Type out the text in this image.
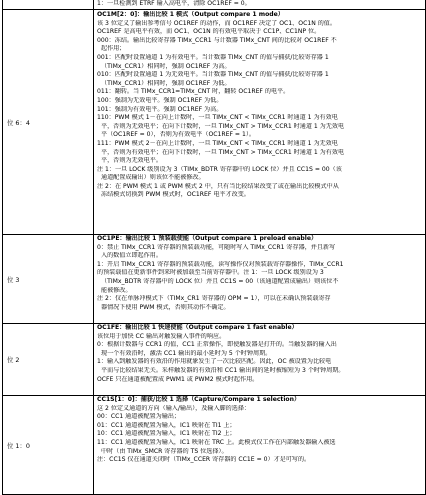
1：一旦检测到 ETRF 输入高电平，清除 OC1REF = 0。
位 6：4
OC1M[2：0]：输出比较 1 模式（Output compare 1 mode）
该 3 位定义了输出参考信号 OC1REF 的动作，而 OC1REF 决定了 OC1、OC1N 的值。
OC1REF 是高电平有效，而 OC1、OC1N 的有效电平取决于 CC1P、CC1NP 位。
000：冻结。输出比较寄存器 TIMx_CCR1 与计数器 TIMx_CNT 间的比较对 OC1REF 不
起作用；
001：匹配时设置通道 1 为有效电平。当计数器 TIMx_CNT 的值与捕获/比较寄存器 1
（TIMx_CCR1）相同时，强制 OC1REF 为高。
010：匹配时设置通道 1 为无效电平。当计数器 TIMx_CNT 的值与捕获/比较寄存器 1
（TIMx_CCR1）相同时，强制 OC1REF 为低。
011：翻转。当 TIMx_CCR1=TIMx_CNT 时，翻转 OC1REF 的电平。
100：强制为无效电平。强制 OC1REF 为低。
101：强制为有效电平。强制 OC1REF 为高。
110：PWM 模式 1－在向上计数时，一旦 TIMx_CNT < TIMx_CCR1 时通道 1 为有效电
平，否则为无效电平；在向下计数时，一旦 TIMx_CNT > TIMx_CCR1 时通道 1 为无效电
平（OC1REF = 0），否则为有效电平（OC1REF = 1）。
111：PWM 模式 2－在向上计数时，一旦 TIMx_CNT < TIMx_CCR1 时通道 1 为无效电
平，否则为有效电平；在向下计数时，一旦 TIMx_CNT > TIMx_CCR1 时通道 1 为有效电
平，否则为无效电平。
注 1：一旦 LOCK 级别设为 3（TIMx_BDTR 寄存器中的 LOCK 位）并且 CC1S = 00（该
通道配置成输出）则该位不能被修改。
注 2：在 PWM 模式 1 或 PWM 模式 2 中，只有当比较结果改变了或在输出比较模式中从
冻结模式切换到 PWM 模式时，OC1REF 电平才改变。
位 3
OC1PE：输出比较 1 预装载使能（Output compare 1 preload enable）
0：禁止 TIMx_CCR1 寄存器的预装载功能，可随时写入 TIMx_CCR1 寄存器，并且新写
入的数值立即起作用。
1：开启 TIMx_CCR1 寄存器的预装载功能，读写操作仅对预装载寄存器操作，TIMx_CCR1
的预装载值在更新事件到来时被加载至当前寄存器中。注 1：一旦 LOCK 级别设为 3
（TIMx_BDTR 寄存器中的 LOCK 位）并且 CC1S = 00（该通道配置成输出）则该位不
能被修改。
注 2：仅在单脉冲模式下（TIMx_CR1 寄存器的 OPM = 1），可以在未确认预装载寄存
器情况下使用 PWM 模式，否则其动作不确定。
位 2
OC1FE：输出比较 1 快速使能（Output compare 1 fast enable）
该位用于加快 CC 输出对触发输入事件的响应。
0：根据计数器与 CCR1 的值，CC1 正常操作，即使触发器是打开的。当触发器的输入出
现一个有效沿时，激活 CC1 输出的最小延时为 5 个时钟周期。
1：输入到触发器的有效沿的作用就象发生了一次比较匹配。因此，OC 被设置为比较电
平而与比较结果无关。采样触发器的有效沿和 CC1 输出间的延时被缩短为 3 个时钟周期。
OCFE 只在通道被配置成 PWM1 或 PWM2 模式时起作用。
位 1：0
CC1S[1：0]：捕获/比较 1 选择（Capture/Compare 1 selection）
这 2 位定义通道的方向（输入/输出），及输入脚的选择：
00：CC1 通道被配置为输出；
01：CC1 通道被配置为输入，IC1 映射在 TI1 上；
10：CC1 通道被配置为输入，IC1 映射在 TI2 上；
11：CC1 通道被配置为输入，IC1 映射在 TRC 上。此模式仅工作在内部触发器输入被选
中时（由 TIMx_SMCR 寄存器的 TS 位选择）。
注：CC1S 仅在通道关闭时（TIMx_CCER 寄存器的 CC1E = 0）才是可写的。
